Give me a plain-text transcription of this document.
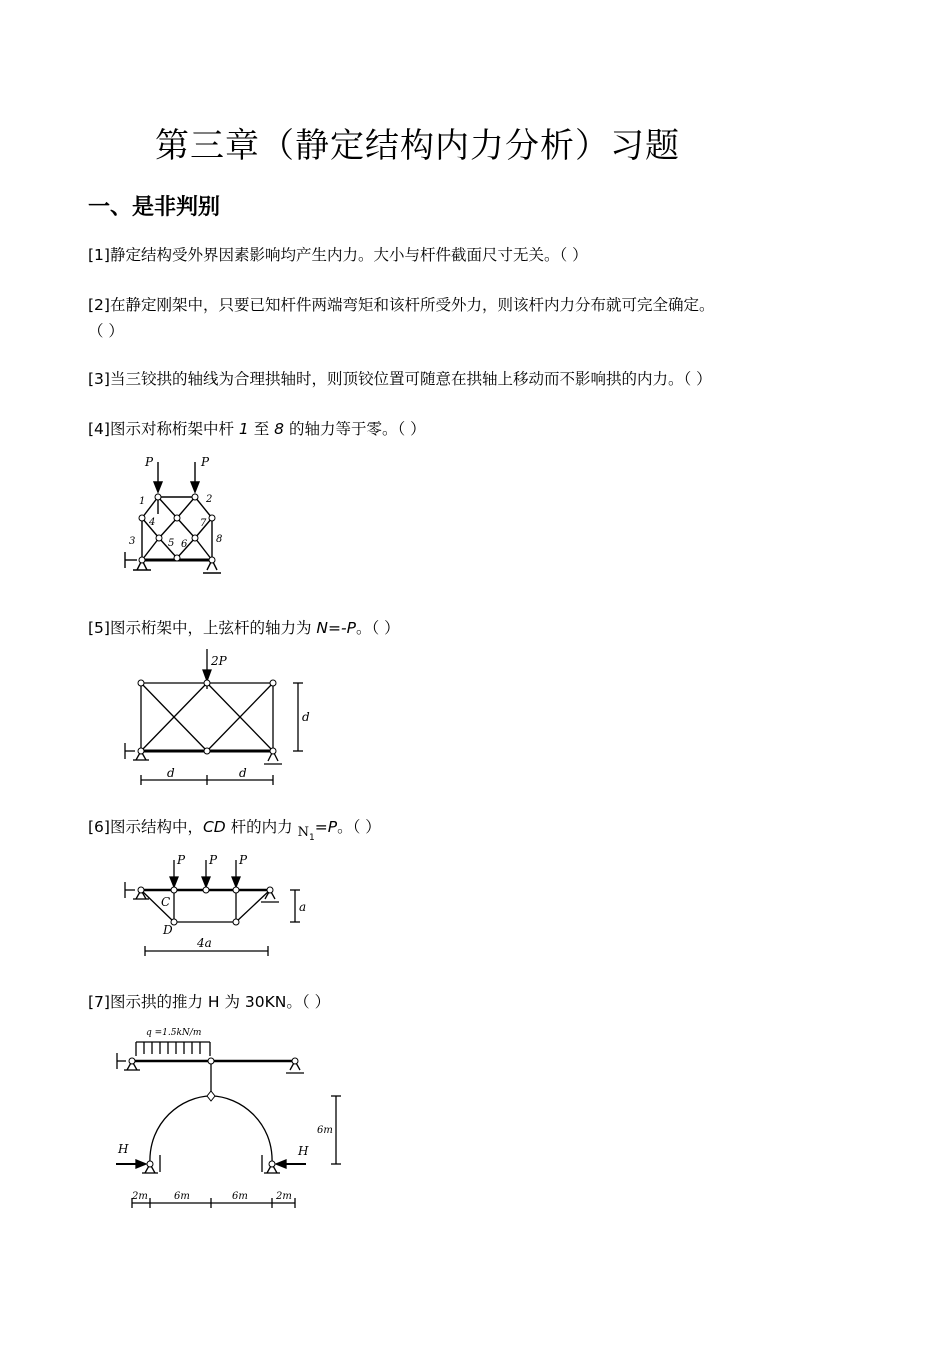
第三章（静定结构内力分析）习题
一、是非判别
[1]静定结构受外界因素影响均产生内力。大小与杆件截面尺寸无关。（ ）
[2]在静定刚架中，只要已知杆件两端弯矩和该杆所受外力，则该杆内力分布就可完全确定。
（ ）
[3]当三铰拱的轴线为合理拱轴时，则顶铰位置可随意在拱轴上移动而不影响拱的内力。（ ）
[4]图示对称桁架中杆 1 至 8 的轴力等于零。（ ）
P	P
1	2
3
4
5 6
7
8
[5]图示桁架中，上弦杆的轴力为 N=-P。（ ）
2P
d
d	d
[6]图示结构中，CD 杆的内力 $_{N1}$=P。（ ）
P P P
C
D
a
4a
[7]图示拱的推力 H 为 30KN。（ ）
q =1.5kN/m
H	H
6m
2m	6m	6m	2m
